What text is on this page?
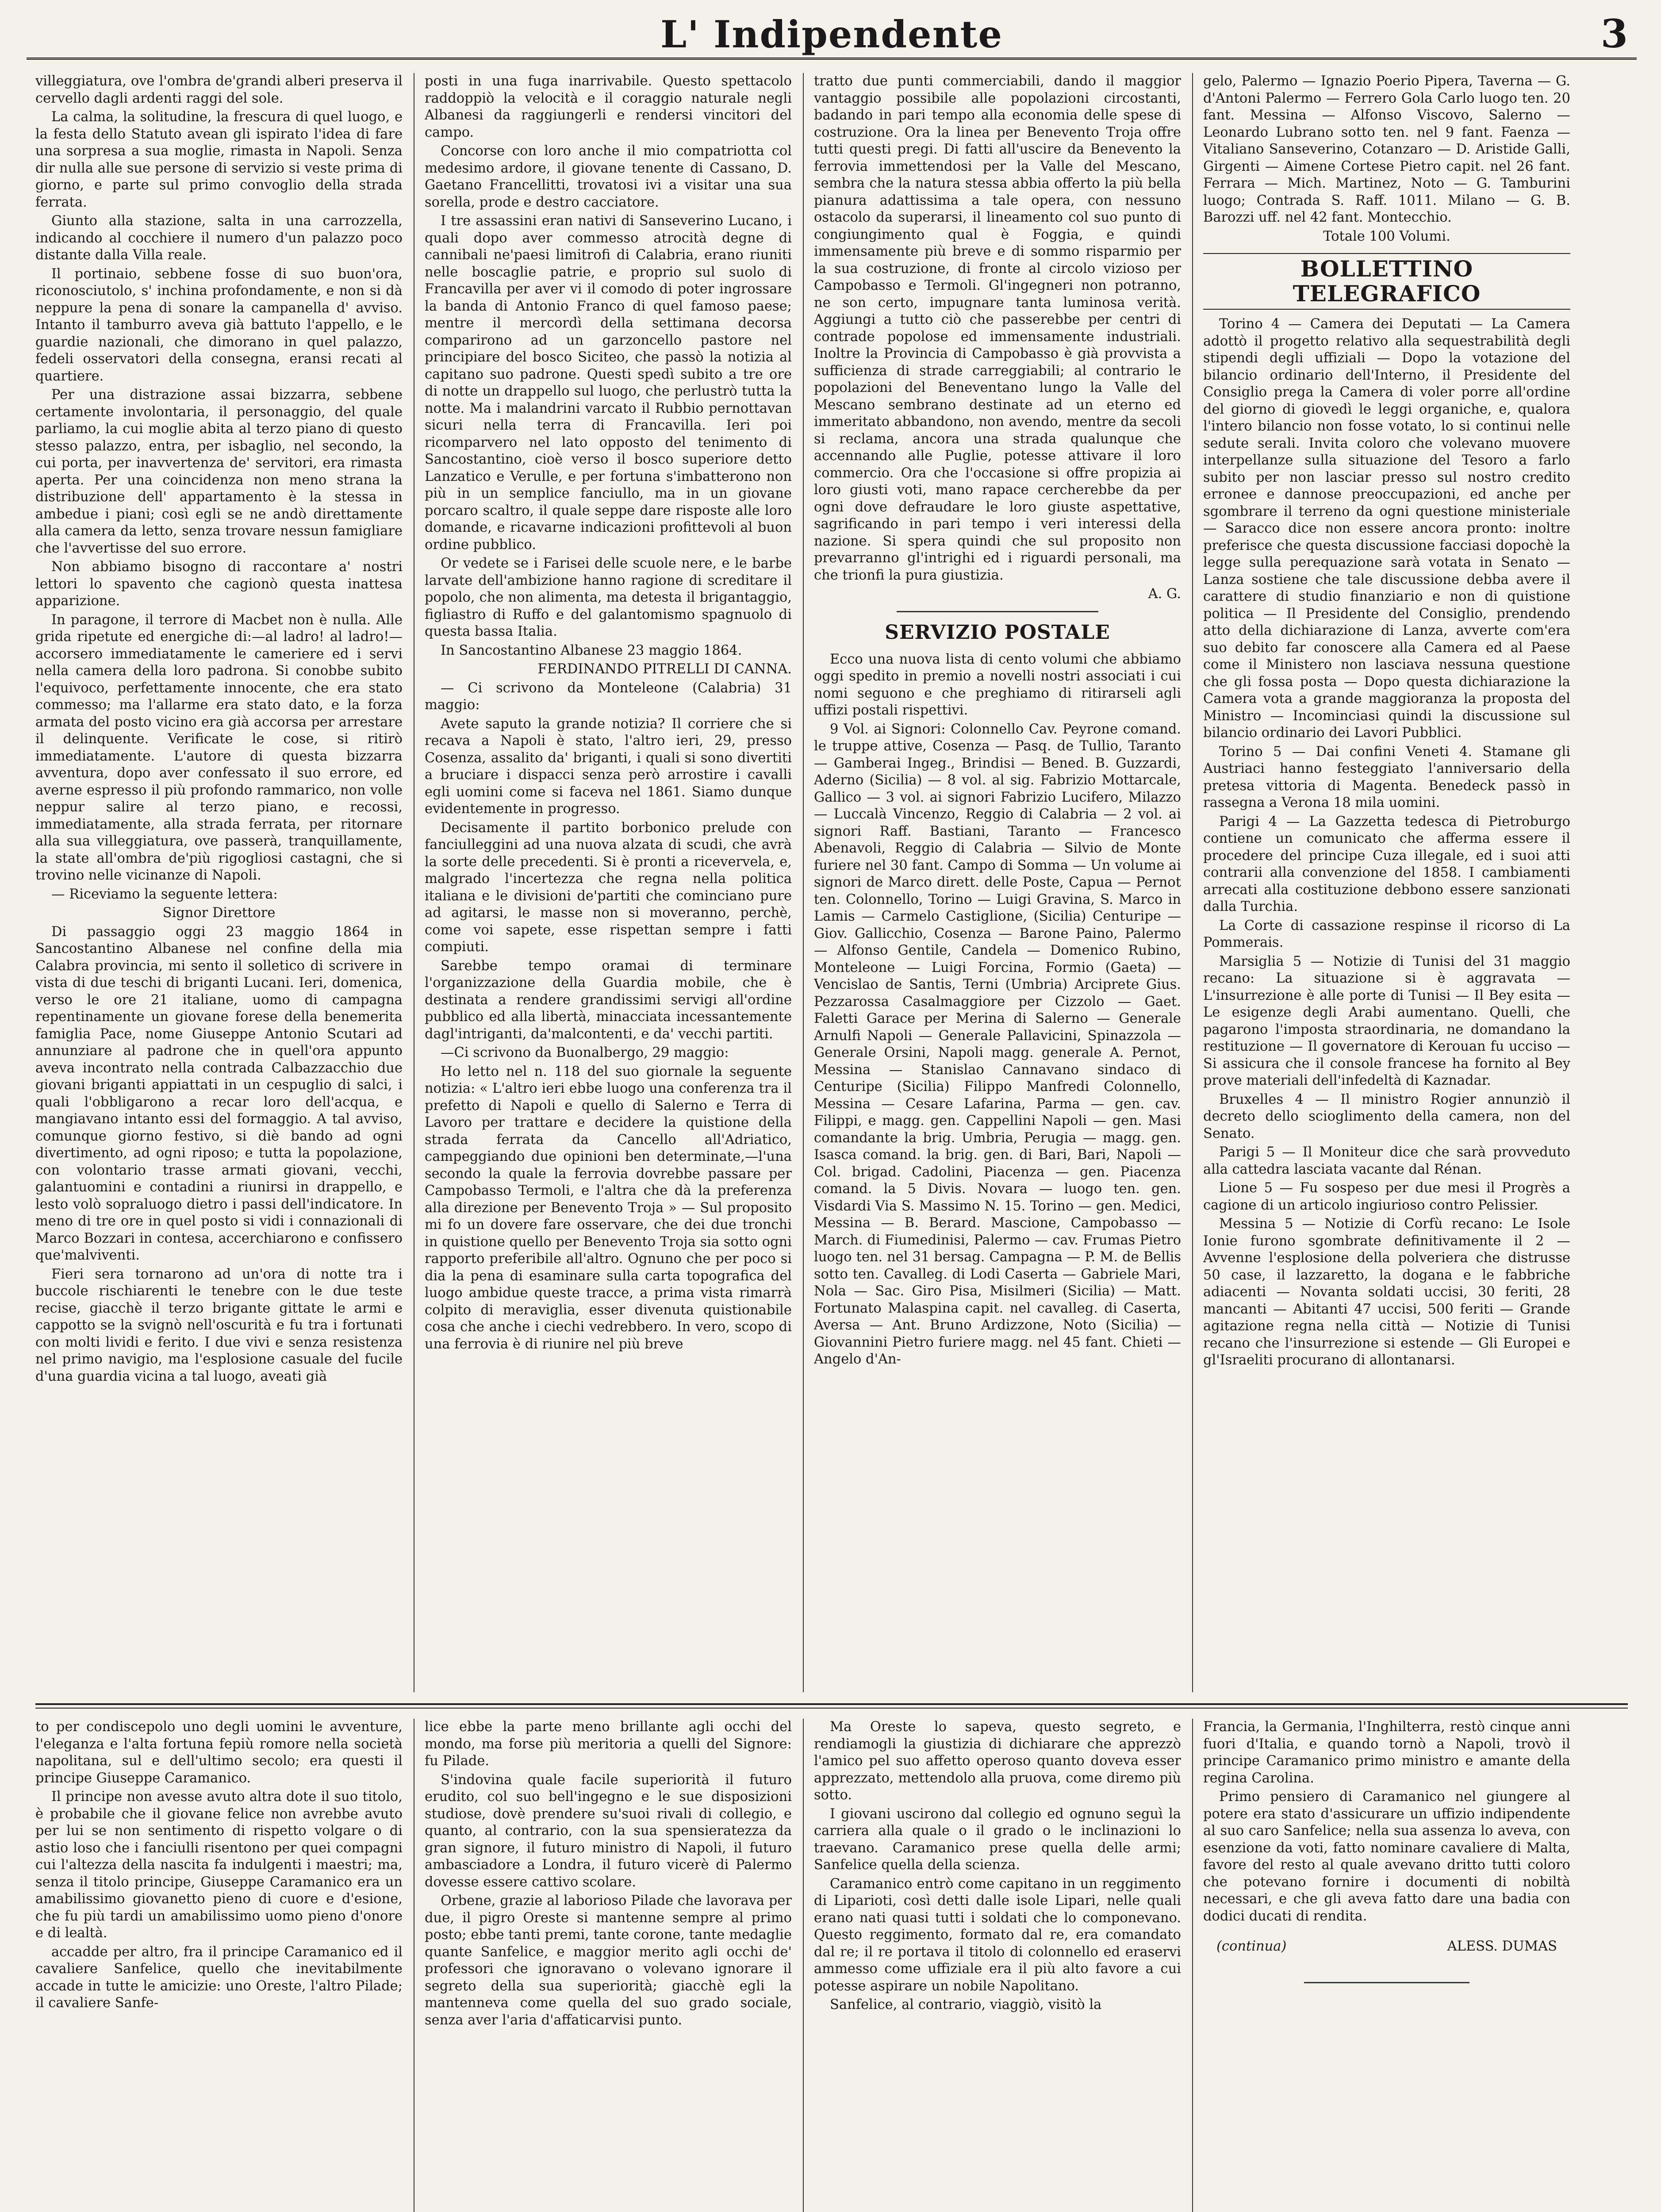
L' Indipendente	3

villeggiatura, ove l'ombra de'grandi alberi preserva il cervello dagli ardenti raggi del sole.

La calma, la solitudine, la frescura di quel luogo, e la festa dello Statuto avean gli ispirato l'idea di fare una sorpresa a sua moglie, rimasta in Napoli. Senza dir nulla alle sue persone di servizio si veste prima di giorno, e parte sul primo convoglio della strada ferrata.

Giunto alla stazione, salta in una carrozzella, indicando al cocchiere il numero d'un palazzo poco distante dalla Villa reale.

Il portinaio, sebbene fosse di suo buon'ora, riconosciutolo, s' inchina profondamente, e non si dà neppure la pena di sonare la campanella d' avviso. Intanto il tamburro aveva già battuto l'appello, e le guardie nazionali, che dimorano in quel palazzo, fedeli osservatori della consegna, eransi recati al quartiere.

Per una distrazione assai bizzarra, sebbene certamente involontaria, il personaggio, del quale parliamo, la cui moglie abita al terzo piano di questo stesso palazzo, entra, per isbaglio, nel secondo, la cui porta, per inavvertenza de' servitori, era rimasta aperta. Per una coincidenza non meno strana la distribuzione dell' appartamento è la stessa in ambedue i piani; così egli se ne andò direttamente alla camera da letto, senza trovare nessun famigliare che l'avvertisse del suo errore.

Non abbiamo bisogno di raccontare a' nostri lettori lo spavento che cagionò questa inattesa apparizione.

In paragone, il terrore di Macbet non è nulla. Alle grida ripetute ed energiche di:—al ladro! al ladro!—accorsero immediatamente le cameriere ed i servi nella camera della loro padrona. Si conobbe subito l'equivoco, perfettamente innocente, che era stato commesso; ma l'allarme era stato dato, e la forza armata del posto vicino era già accorsa per arrestare il delinquente. Verificate le cose, si ritirò immediatamente. L'autore di questa bizzarra avventura, dopo aver confessato il suo errore, ed averne espresso il più profondo rammarico, non volle neppur salire al terzo piano, e recossi, immediatamente, alla strada ferrata, per ritornare alla sua villeggiatura, ove passerà, tranquillamente, la state all'ombra de'più rigogliosi castagni, che si trovino nelle vicinanze di Napoli.

— Riceviamo la seguente lettera:

Signor Direttore

Di passaggio oggi 23 maggio 1864 in Sancostantino Albanese nel confine della mia Calabra provincia, mi sento il solletico di scrivere in vista di due teschi di briganti Lucani. Ieri, domenica, verso le ore 21 italiane, uomo di campagna repentinamente un giovane forese della benemerita famiglia Pace, nome Giuseppe Antonio Scutari ad annunziare al padrone che in quell'ora appunto aveva incontrato nella contrada Calbazzacchio due giovani briganti appiattati in un cespuglio di salci, i quali l'obbligarono a recar loro dell'acqua, e mangiavano intanto essi del formaggio. A tal avviso, comunque giorno festivo, si diè bando ad ogni divertimento, ad ogni riposo; e tutta la popolazione, con volontario trasse armati giovani, vecchi, galantuomini e contadini a riunirsi in drappello, e lesto volò sopraluogo dietro i passi dell'indicatore. In meno di tre ore in quel posto si vidi i connazionali di Marco Bozzari in contesa, accerchiarono e confissero que'malviventi.

Fieri sera tornarono ad un'ora di notte tra i buccole rischiarenti le tenebre con le due teste recise, giacchè il terzo brigante gittate le armi e cappotto se la svignò nell'oscurità e fu tra i fortunati con molti lividi e ferito. I due vivi e senza resistenza nel primo navigio, ma l'esplosione casuale del fucile d'una guardia vicina a tal luogo, aveati già

posti in una fuga inarrivabile. Questo spettacolo raddoppiò la velocità e il coraggio naturale negli Albanesi da raggiungerli e rendersi vincitori del campo.

Concorse con loro anche il mio compatriotta col medesimo ardore, il giovane tenente di Cassano, D. Gaetano Francellitti, trovatosi ivi a visitar una sua sorella, prode e destro cacciatore.

I tre assassini eran nativi di Sanseverino Lucano, i quali dopo aver commesso atrocità degne di cannibali ne'paesi limitrofi di Calabria, erano riuniti nelle boscaglie patrie, e proprio sul suolo di Francavilla per aver vi il comodo di poter ingrossare la banda di Antonio Franco di quel famoso paese; mentre il mercordì della settimana decorsa comparirono ad un garzoncello pastore nel principiare del bosco Siciteo, che passò la notizia al capitano suo padrone. Questi spedì subito a tre ore di notte un drappello sul luogo, che perlustrò tutta la notte. Ma i malandrini varcato il Rubbio pernottavan sicuri nella terra di Francavilla. Ieri poi ricomparvero nel lato opposto del tenimento di Sancostantino, cioè verso il bosco superiore detto Lanzatico e Verulle, e per fortuna s'imbatterono non più in un semplice fanciullo, ma in un giovane porcaro scaltro, il quale seppe dare risposte alle loro domande, e ricavarne indicazioni profittevoli al buon ordine pubblico.

Or vedete se i Farisei delle scuole nere, e le barbe larvate dell'ambizione hanno ragione di screditare il popolo, che non alimenta, ma detesta il brigantaggio, figliastro di Ruffo e del galantomismo spagnuolo di questa bassa Italia.

In Sancostantino Albanese 23 maggio 1864.

FERDINANDO PITRELLI DI CANNA.

— Ci scrivono da Monteleone (Calabria) 31 maggio:

Avete saputo la grande notizia? Il corriere che si recava a Napoli è stato, l'altro ieri, 29, presso Cosenza, assalito da' briganti, i quali si sono divertiti a bruciare i dispacci senza però arrostire i cavalli egli uomini come si faceva nel 1861. Siamo dunque evidentemente in progresso.

Decisamente il partito borbonico prelude con fanciulleggini ad una nuova alzata di scudi, che avrà la sorte delle precedenti. Si è pronti a ricevervela, e, malgrado l'incertezza che regna nella politica italiana e le divisioni de'partiti che cominciano pure ad agitarsi, le masse non si moveranno, perchè, come voi sapete, esse rispettan sempre i fatti compiuti.

Sarebbe tempo oramai di terminare l'organizzazione della Guardia mobile, che è destinata a rendere grandissimi servigi all'ordine pubblico ed alla libertà, minacciata incessantemente dagl'intriganti, da'malcontenti, e da' vecchi partiti.

—Ci scrivono da Buonalbergo, 29 maggio:

Ho letto nel n. 118 del suo giornale la seguente notizia: « L'altro ieri ebbe luogo una conferenza tra il prefetto di Napoli e quello di Salerno e Terra di Lavoro per trattare e decidere la quistione della strada ferrata da Cancello all'Adriatico, campeggiando due opinioni ben determinate,—l'una secondo la quale la ferrovia dovrebbe passare per Campobasso Termoli, e l'altra che dà la preferenza alla direzione per Benevento Troja » — Sul proposito mi fo un dovere fare osservare, che dei due tronchi in quistione quello per Benevento Troja sia sotto ogni rapporto preferibile all'altro. Ognuno che per poco si dia la pena di esaminare sulla carta topografica del luogo ambidue queste tracce, a prima vista rimarrà colpito di meraviglia, esser divenuta quistionabile cosa che anche i ciechi vedrebbero. In vero, scopo di una ferrovia è di riunire nel più breve

tratto due punti commerciabili, dando il maggior vantaggio possibile alle popolazioni circostanti, badando in pari tempo alla economia delle spese di costruzione. Ora la linea per Benevento Troja offre tutti questi pregi. Di fatti all'uscire da Benevento la ferrovia immettendosi per la Valle del Mescano, sembra che la natura stessa abbia offerto la più bella pianura adattissima a tale opera, con nessuno ostacolo da superarsi, il lineamento col suo punto di congiungimento qual è Foggia, e quindi immensamente più breve e di sommo risparmio per la sua costruzione, di fronte al circolo vizioso per Campobasso e Termoli. Gl'ingegneri non potranno, ne son certo, impugnare tanta luminosa verità. Aggiungi a tutto ciò che passerebbe per centri di contrade popolose ed immensamente industriali. Inoltre la Provincia di Campobasso è già provvista a sufficienza di strade carreggiabili; al contrario le popolazioni del Beneventano lungo la Valle del Mescano sembrano destinate ad un eterno ed immeritato abbandono, non avendo, mentre da secoli si reclama, ancora una strada qualunque che accennando alle Puglie, potesse attivare il loro commercio. Ora che l'occasione si offre propizia ai loro giusti voti, mano rapace cercherebbe da per ogni dove defraudare le loro giuste aspettative, sagrificando in pari tempo i veri interessi della nazione. Si spera quindi che sul proposito non prevarranno gl'intrighi ed i riguardi personali, ma che trionfi la pura giustizia.

A. G.

SERVIZIO POSTALE

Ecco una nuova lista di cento volumi che abbiamo oggi spedito in premio a novelli nostri associati i cui nomi seguono e che preghiamo di ritirarseli agli uffizi postali rispettivi.

9 Vol. ai Signori: Colonnello Cav. Peyrone comand. le truppe attive, Cosenza — Pasq. de Tullio, Taranto — Gamberai Ingeg., Brindisi — Bened. B. Guzzardi, Aderno (Sicilia) — 8 vol. al sig. Fabrizio Mottarcale, Gallico — 3 vol. ai signori Fabrizio Lucifero, Milazzo — Luccalà Vincenzo, Reggio di Calabria — 2 vol. ai signori Raff. Bastiani, Taranto — Francesco Abenavoli, Reggio di Calabria — Silvio de Monte furiere nel 30 fant. Campo di Somma — Un volume ai signori de Marco dirett. delle Poste, Capua — Pernot ten. Colonnello, Torino — Luigi Gravina, S. Marco in Lamis — Carmelo Castiglione, (Sicilia) Centuripe — Giov. Gallicchio, Cosenza — Barone Paino, Palermo — Alfonso Gentile, Candela — Domenico Rubino, Monteleone — Luigi Forcina, Formio (Gaeta) — Vencislao de Santis, Terni (Umbria) Arciprete Gius. Pezzarossa Casalmaggiore per Cizzolo — Gaet. Faletti Garace per Merina di Salerno — Generale Arnulfi Napoli — Generale Pallavicini, Spinazzola — Generale Orsini, Napoli magg. generale A. Pernot, Messina — Stanislao Cannavano sindaco di Centuripe (Sicilia) Filippo Manfredi Colonnello, Messina — Cesare Lafarina, Parma — gen. cav. Filippi, e magg. gen. Cappellini Napoli — gen. Masi comandante la brig. Umbria, Perugia — magg. gen. Isasca comand. la brig. gen. di Bari, Bari, Napoli — Col. brigad. Cadolini, Piacenza — gen. Piacenza comand. la 5 Divis. Novara — luogo ten. gen. Visdardi Via S. Massimo N. 15. Torino — gen. Medici, Messina — B. Berard. Mascione, Campobasso — March. di Fiumedinisi, Palermo — cav. Frumas Pietro luogo ten. nel 31 bersag. Campagna — P. M. de Bellis sotto ten. Cavalleg. di Lodi Caserta — Gabriele Mari, Nola — Sac. Giro Pisa, Misilmeri (Sicilia) — Matt. Fortunato Malaspina capit. nel cavalleg. di Caserta, Aversa — Ant. Bruno Ardizzone, Noto (Sicilia) — Giovannini Pietro furiere magg. nel 45 fant. Chieti — Angelo d'An-

gelo, Palermo — Ignazio Poerio Pipera, Taverna — G. d'Antoni Palermo — Ferrero Gola Carlo luogo ten. 20 fant. Messina — Alfonso Viscovo, Salerno — Leonardo Lubrano sotto ten. nel 9 fant. Faenza — Vitaliano Sanseverino, Cotanzaro — D. Aristide Galli, Girgenti — Aimene Cortese Pietro capit. nel 26 fant. Ferrara — Mich. Martinez, Noto — G. Tamburini luogo; Contrada S. Raff. 1011. Milano — G. B. Barozzi uff. nel 42 fant. Montecchio.

Totale 100 Volumi.

BOLLETTINO TELEGRAFICO

Torino 4 — Camera dei Deputati — La Camera adottò il progetto relativo alla sequestrabilità degli stipendi degli uffiziali — Dopo la votazione del bilancio ordinario dell'Interno, il Presidente del Consiglio prega la Camera di voler porre all'ordine del giorno di giovedì le leggi organiche, e, qualora l'intero bilancio non fosse votato, lo si continui nelle sedute serali. Invita coloro che volevano muovere interpellanze sulla situazione del Tesoro a farlo subito per non lasciar presso sul nostro credito erronee e dannose preoccupazioni, ed anche per sgombrare il terreno da ogni questione ministeriale — Saracco dice non essere ancora pronto: inoltre preferisce che questa discussione facciasi dopochè la legge sulla perequazione sarà votata in Senato — Lanza sostiene che tale discussione debba avere il carattere di studio finanziario e non di quistione politica — Il Presidente del Consiglio, prendendo atto della dichiarazione di Lanza, avverte com'era suo debito far conoscere alla Camera ed al Paese come il Ministero non lasciava nessuna questione che gli fossa posta — Dopo questa dichiarazione la Camera vota a grande maggioranza la proposta del Ministro — Incominciasi quindi la discussione sul bilancio ordinario dei Lavori Pubblici.

Torino 5 — Dai confini Veneti 4. Stamane gli Austriaci hanno festeggiato l'anniversario della pretesa vittoria di Magenta. Benedeck passò in rassegna a Verona 18 mila uomini.

Parigi 4 — La Gazzetta tedesca di Pietroburgo contiene un comunicato che afferma essere il procedere del principe Cuza illegale, ed i suoi atti contrarii alla convenzione del 1858. I cambiamenti arrecati alla costituzione debbono essere sanzionati dalla Turchia.

La Corte di cassazione respinse il ricorso di La Pommerais.

Marsiglia 5 — Notizie di Tunisi del 31 maggio recano: La situazione si è aggravata — L'insurrezione è alle porte di Tunisi — Il Bey esita — Le esigenze degli Arabi aumentano. Quelli, che pagarono l'imposta straordinaria, ne domandano la restituzione — Il governatore di Kerouan fu ucciso — Si assicura che il console francese ha fornito al Bey prove materiali dell'infedeltà di Kaznadar.

Bruxelles 4 — Il ministro Rogier annunziò il decreto dello scioglimento della camera, non del Senato.

Parigi 5 — Il Moniteur dice che sarà provveduto alla cattedra lasciata vacante dal Rénan.

Lione 5 — Fu sospeso per due mesi il Progrès a cagione di un articolo ingiurioso contro Pelissier.

Messina 5 — Notizie di Corfù recano: Le Isole Ionie furono sgombrate definitivamente il 2 — Avvenne l'esplosione della polveriera che distrusse 50 case, il lazzaretto, la dogana e le fabbriche adiacenti — Novanta soldati uccisi, 30 feriti, 28 mancanti — Abitanti 47 uccisi, 500 feriti — Grande agitazione regna nella città — Notizie di Tunisi recano che l'insurrezione si estende — Gli Europei e gl'Israeliti procurano di allontanarsi.

to per condiscepolo uno degli uomini le avventure, l'eleganza e l'alta fortuna fepiù romore nella società napolitana, sul e dell'ultimo secolo; era questi il principe Giuseppe Caramanico.

Il principe non avesse avuto altra dote il suo titolo, è probabile che il giovane felice non avrebbe avuto per lui se non sentimento di rispetto volgare o di astio loso che i fanciulli risentono per quei compagni cui l'altezza della nascita fa indulgenti i maestri; ma, senza il titolo principe, Giuseppe Caramanico era un amabilissimo giovanetto pieno di cuore e d'esione, che fu più tardi un amabilissimo uomo pieno d'onore e di lealtà.

accadde per altro, fra il principe Caramanico ed il cavaliere Sanfelice, quello che inevitabilmente accade in tutte le amicizie: uno Oreste, l'altro Pilade; il cavaliere Sanfe-

lice ebbe la parte meno brillante agli occhi del mondo, ma forse più meritoria a quelli del Signore: fu Pilade.

S'indovina quale facile superiorità il futuro erudito, col suo bell'ingegno e le sue disposizioni studiose, dovè prendere su'suoi rivali di collegio, e quanto, al contrario, con la sua spensieratezza da gran signore, il futuro ministro di Napoli, il futuro ambasciadore a Londra, il futuro vicerè di Palermo dovesse essere cattivo scolare.

Orbene, grazie al laborioso Pilade che lavorava per due, il pigro Oreste si mantenne sempre al primo posto; ebbe tanti premi, tante corone, tante medaglie quante Sanfelice, e maggior merito agli occhi de' professori che ignoravano o volevano ignorare il segreto della sua superiorità; giacchè egli la mantenneva come quella del suo grado sociale, senza aver l'aria d'affaticarvisi punto.

Ma Oreste lo sapeva, questo segreto, e rendiamogli la giustizia di dichiarare che apprezzò l'amico pel suo affetto operoso quanto doveva esser apprezzato, mettendolo alla pruova, come diremo più sotto.

I giovani uscirono dal collegio ed ognuno seguì la carriera alla quale o il grado o le inclinazioni lo traevano. Caramanico prese quella delle armi; Sanfelice quella della scienza.

Caramanico entrò come capitano in un reggimento di Liparioti, così detti dalle isole Lipari, nelle quali erano nati quasi tutti i soldati che lo componevano. Questo reggimento, formato dal re, era comandato dal re; il re portava il titolo di colonnello ed eraservi ammesso come uffiziale era il più alto favore a cui potesse aspirare un nobile Napolitano.

Sanfelice, al contrario, viaggiò, visitò la

Francia, la Germania, l'Inghilterra, restò cinque anni fuori d'Italia, e quando tornò a Napoli, trovò il principe Caramanico primo ministro e amante della regina Carolina.

Primo pensiero di Caramanico nel giungere al potere era stato d'assicurare un uffizio indipendente al suo caro Sanfelice; nella sua assenza lo aveva, con esenzione da voti, fatto nominare cavaliere di Malta, favore del resto al quale avevano dritto tutti coloro che potevano fornire i documenti di nobiltà necessari, e che gli aveva fatto dare una badia con dodici ducati di rendita.

(continua)	ALESS. DUMAS
